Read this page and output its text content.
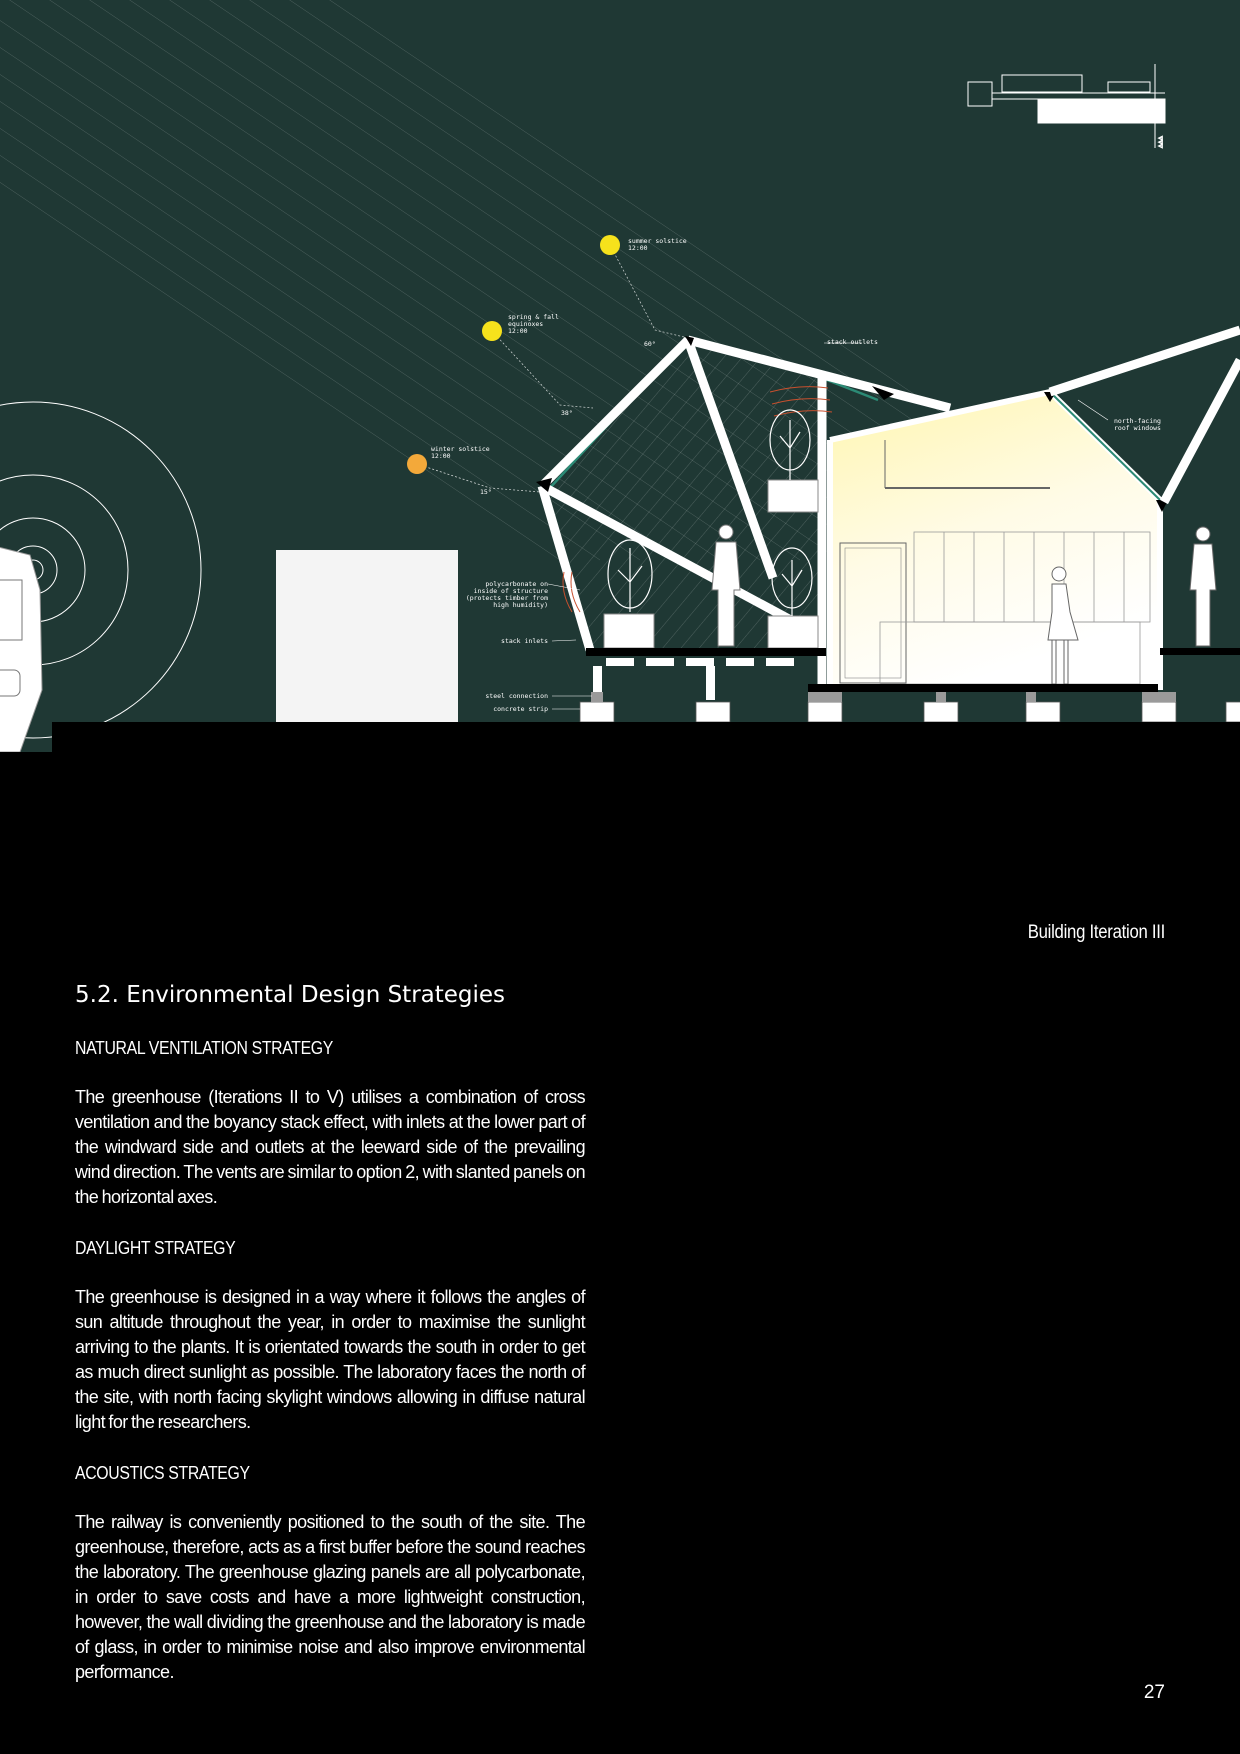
△△△
summer solstice
12:00
spring & fall
equinoxes
12:00
winter solstice
12:00
60°
38°
15°
stack outlets
north-facing
roof windows
polycarbonate on
inside of structure
(protects timber from
high humidity)
stack inlets
steel connection
concrete strip
Building Iteration III
5.2. Environmental Design Strategies
NATURAL VENTILATION STRATEGY

The greenhouse (Iterations II to V) utilises a combination of cross ventilation and the boyancy stack effect, with inlets at the lower part of the windward side and outlets at the leeward side of the prevailing wind direction. The vents are similar to option 2, with slanted panels on the horizontal axes.

DAYLIGHT STRATEGY

The greenhouse is designed in a way where it follows the angles of sun altitude throughout the year, in order to maximise the sunlight arriving to the plants. It is orientated towards the south in order to get as much direct sunlight as possible. The laboratory faces the north of the site, with north facing skylight windows allowing in diffuse natural light for the researchers.

ACOUSTICS STRATEGY

The railway is conveniently positioned to the south of the site. The greenhouse, therefore, acts as a first buffer before the sound reaches the laboratory. The greenhouse glazing panels are all polycarbonate, in order to save costs and have a more lightweight construction, however, the wall dividing the greenhouse and the laboratory is made of glass, in order to minimise noise and also improve environmental performance.

27
